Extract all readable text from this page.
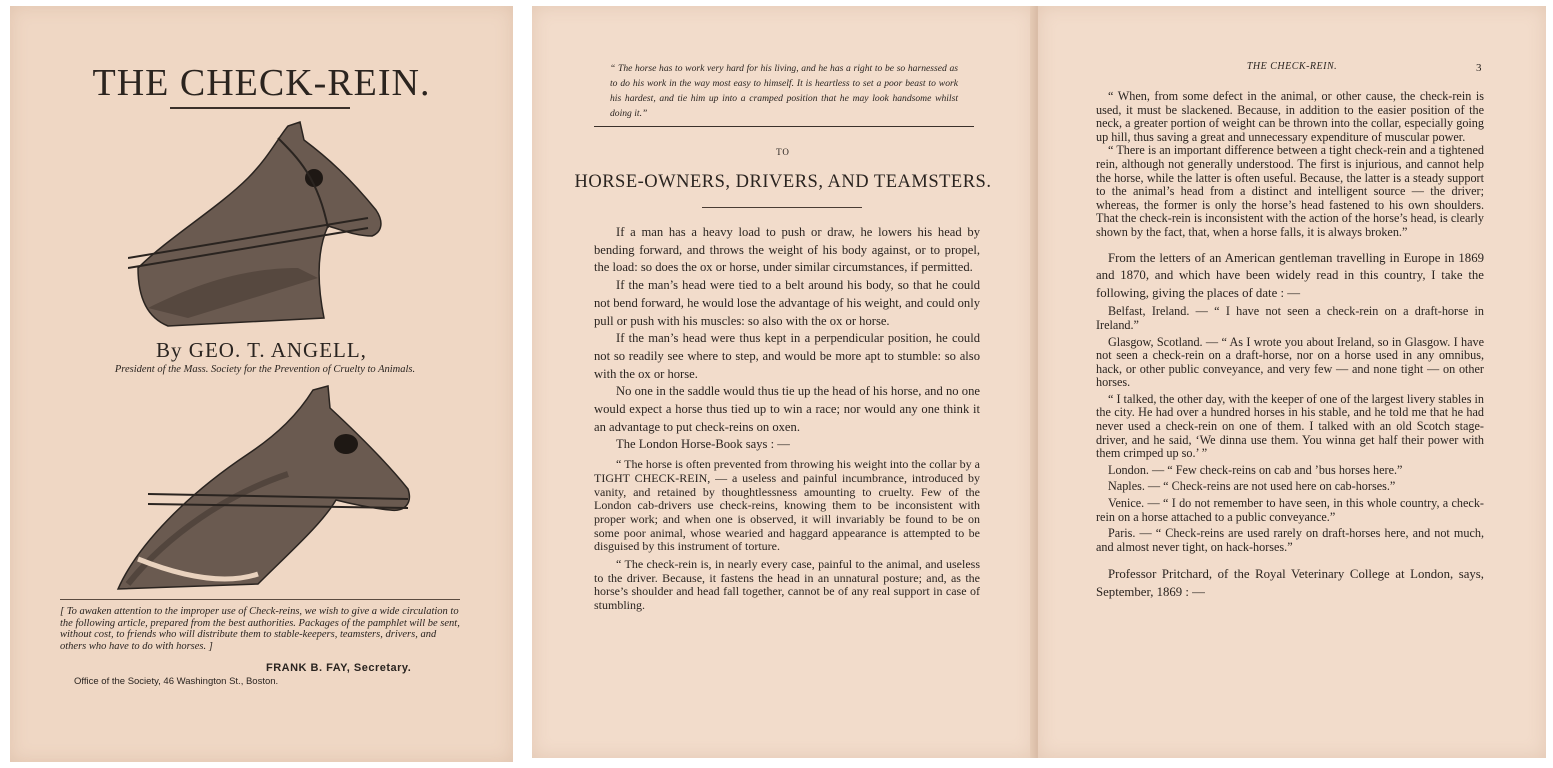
THE CHECK-REIN.
By GEO. T. ANGELL,
President of the Mass. Society for the Prevention of Cruelty to Animals.
[ To awaken attention to the improper use of Check-reins, we wish to give a wide circulation to the following article, prepared from the best authorities. Packages of the pamphlet will be sent, without cost, to friends who will distribute them to stable-keepers, teamsters, drivers, and others who have to do with horses. ]
FRANK B. FAY, Secretary.
Office of the Society, 46 Washington St., Boston.
“ The horse has to work very hard for his living, and he has a right to be so harnessed as to do his work in the way most easy to himself. It is heartless to set a poor beast to work his hardest, and tie him up into a cramped position that he may look handsome whilst doing it.”
TO
HORSE-OWNERS, DRIVERS, AND TEAMSTERS.

If a man has a heavy load to push or draw, he lowers his head by bending forward, and throws the weight of his body against, or to propel, the load: so does the ox or horse, under similar circumstances, if permitted.

If the man’s head were tied to a belt around his body, so that he could not bend forward, he would lose the advantage of his weight, and could only pull or push with his muscles: so also with the ox or horse.

If the man’s head were thus kept in a perpendicular position, he could not so readily see where to step, and would be more apt to stumble: so also with the ox or horse.

No one in the saddle would thus tie up the head of his horse, and no one would expect a horse thus tied up to win a race; nor would any one think it an advantage to put check-reins on oxen.

The London Horse-Book says : —

“ The horse is often prevented from throwing his weight into the collar by a TIGHT CHECK-REIN, — a useless and painful incumbrance, introduced by vanity, and retained by thoughtlessness amounting to cruelty. Few of the London cab-drivers use check-reins, knowing them to be inconsistent with proper work; and when one is observed, it will invariably be found to be on some poor animal, whose wearied and haggard appearance is attempted to be disguised by this instrument of torture.

“ The check-rein is, in nearly every case, painful to the animal, and useless to the driver. Because, it fastens the head in an unnatural posture; and, as the horse’s shoulder and head fall together, cannot be of any real support in case of stumbling.

THE CHECK-REIN.	3

“ When, from some defect in the animal, or other cause, the check-rein is used, it must be slackened. Because, in addition to the easier position of the neck, a greater portion of weight can be thrown into the collar, especially going up hill, thus saving a great and unnecessary expenditure of muscular power.

“ There is an important difference between a tight check-rein and a tightened rein, although not generally understood. The first is injurious, and cannot help the horse, while the latter is often useful. Because, the latter is a steady support to the animal’s head from a distinct and intelligent source — the driver; whereas, the former is only the horse’s head fastened to his own shoulders. That the check-rein is inconsistent with the action of the horse’s head, is clearly shown by the fact, that, when a horse falls, it is always broken.”

From the letters of an American gentleman travelling in Europe in 1869 and 1870, and which have been widely read in this country, I take the following, giving the places of date : —

Belfast, Ireland. — “ I have not seen a check-rein on a draft-horse in Ireland.”

Glasgow, Scotland. — “ As I wrote you about Ireland, so in Glasgow. I have not seen a check-rein on a draft-horse, nor on a horse used in any omnibus, hack, or other public conveyance, and very few — and none tight — on other horses.

“ I talked, the other day, with the keeper of one of the largest livery stables in the city. He had over a hundred horses in his stable, and he told me that he had never used a check-rein on one of them. I talked with an old Scotch stage-driver, and he said, ‘We dinna use them. You winna get half their power with them crimped up so.’ ”

London. — “ Few check-reins on cab and ’bus horses here.”

Naples. — “ Check-reins are not used here on cab-horses.”

Venice. — “ I do not remember to have seen, in this whole country, a check-rein on a horse attached to a public conveyance.”

Paris. — “ Check-reins are used rarely on draft-horses here, and not much, and almost never tight, on hack-horses.”

Professor Pritchard, of the Royal Veterinary College at London, says, September, 1869 : —
